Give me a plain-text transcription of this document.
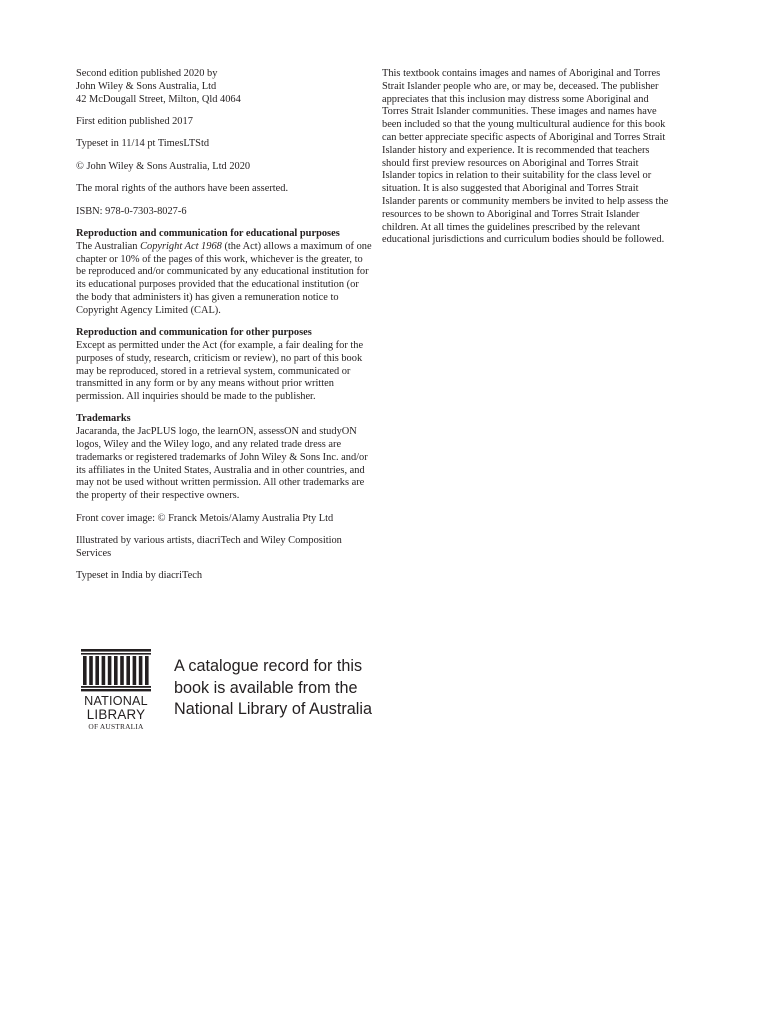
Second edition published 2020 by
John Wiley & Sons Australia, Ltd
42 McDougall Street, Milton, Qld 4064

First edition published 2017

Typeset in 11/14 pt TimesLTStd

© John Wiley & Sons Australia, Ltd 2020

The moral rights of the authors have been asserted.

ISBN: 978-0-7303-8027-6

Reproduction and communication for educational purposes
The Australian Copyright Act 1968 (the Act) allows a maximum of one chapter or 10% of the pages of this work, whichever is the greater, to be reproduced and/or communicated by any educational institution for its educational purposes provided that the educational institution (or the body that administers it) has given a remuneration notice to Copyright Agency Limited (CAL).
Reproduction and communication for other purposes
Except as permitted under the Act (for example, a fair dealing for the purposes of study, research, criticism or review), no part of this book may be reproduced, stored in a retrieval system, communicated or transmitted in any form or by any means without prior written permission. All inquiries should be made to the publisher.
Trademarks
Jacaranda, the JacPLUS logo, the learnON, assessON and studyON logos, Wiley and the Wiley logo, and any related trade dress are trademarks or registered trademarks of John Wiley & Sons Inc. and/or its affiliates in the United States, Australia and in other countries, and may not be used without written permission. All other trademarks are the property of their respective owners.

Front cover image: © Franck Metois/Alamy Australia Pty Ltd

Illustrated by various artists, diacriTech and Wiley Composition Services

Typeset in India by diacriTech

This textbook contains images and names of Aboriginal and Torres Strait Islander people who are, or may be, deceased. The publisher appreciates that this inclusion may distress some Aboriginal and Torres Strait Islander communities. These images and names have been included so that the young multicultural audience for this book can better appreciate specific aspects of Aboriginal and Torres Strait Islander history and experience. It is recommended that teachers should first preview resources on Aboriginal and Torres Strait Islander topics in relation to their suitability for the class level or situation. It is also suggested that Aboriginal and Torres Strait Islander parents or community members be invited to help assess the resources to be shown to Aboriginal and Torres Strait Islander children. At all times the guidelines prescribed by the relevant educational jurisdictions and curriculum bodies should be followed.

NATIONAL
LIBRARY
OF AUSTRALIA
A catalogue record for this
book is available from the
National Library of Australia
